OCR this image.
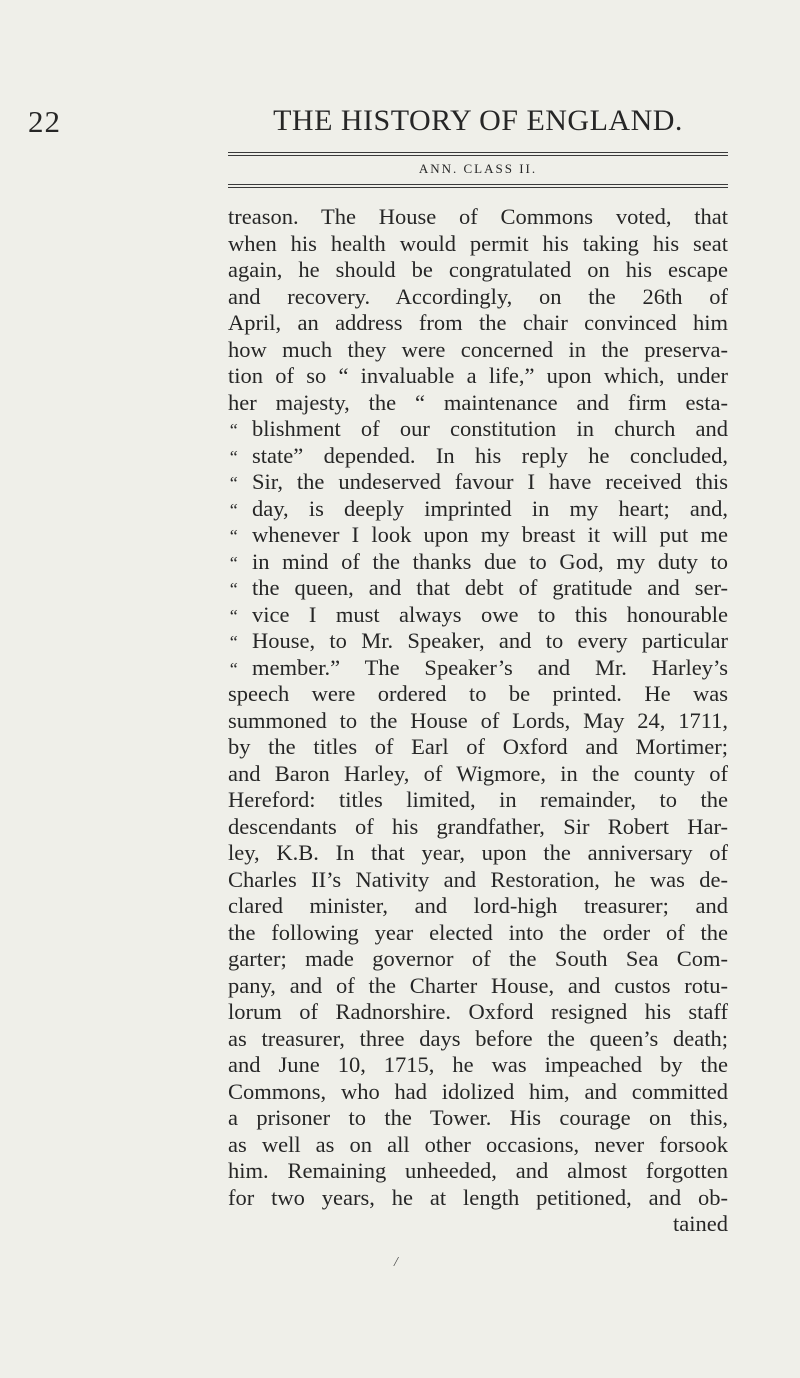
22	THE HISTORY OF ENGLAND.
ANN. CLASS II.
treason. The House of Commons voted, that
when his health would permit his taking his seat
again, he should be congratulated on his escape
and recovery. Accordingly, on the 26th of
April, an address from the chair convinced him
how much they were concerned in the preserva-
tion of so “ invaluable a life,” upon which, under
her majesty, the “ maintenance and firm esta-
“ blishment of our constitution in church and
“ state” depended. In his reply he concluded,
“ Sir, the undeserved favour I have received this
“ day, is deeply imprinted in my heart; and,
“ whenever I look upon my breast it will put me
“ in mind of the thanks due to God, my duty to
“ the queen, and that debt of gratitude and ser-
“ vice I must always owe to this honourable
“ House, to Mr. Speaker, and to every particular
“ member.” The Speaker’s and Mr. Harley’s
speech were ordered to be printed. He was
summoned to the House of Lords, May 24, 1711,
by the titles of Earl of Oxford and Mortimer;
and Baron Harley, of Wigmore, in the county of
Hereford: titles limited, in remainder, to the
descendants of his grandfather, Sir Robert Har-
ley, K.B. In that year, upon the anniversary of
Charles II’s Nativity and Restoration, he was de-
clared minister, and lord-high treasurer; and
the following year elected into the order of the
garter; made governor of the South Sea Com-
pany, and of the Charter House, and custos rotu-
lorum of Radnorshire. Oxford resigned his staff
as treasurer, three days before the queen’s death;
and June 10, 1715, he was impeached by the
Commons, who had idolized him, and committed
a prisoner to the Tower. His courage on this,
as well as on all other occasions, never forsook
him. Remaining unheeded, and almost forgotten
for two years, he at length petitioned, and ob-
tained
/
